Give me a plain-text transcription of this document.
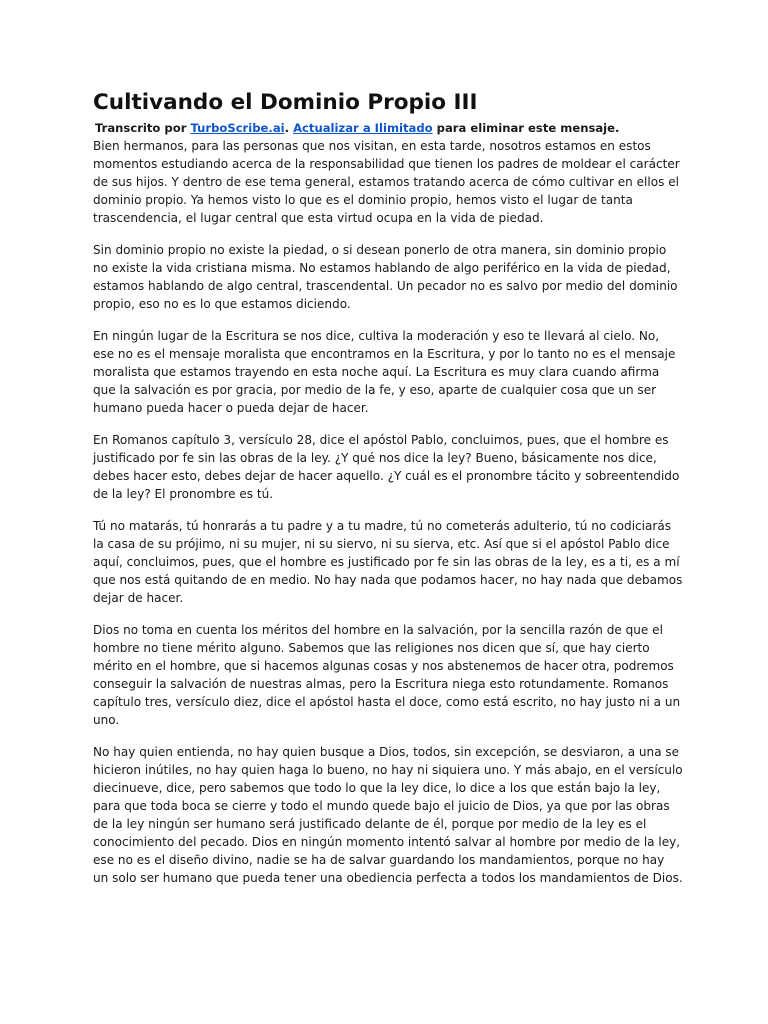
Cultivando el Dominio Propio III
Transcrito por TurboScribe.ai. Actualizar a Ilimitado para eliminar este mensaje.

Bien hermanos, para las personas que nos visitan, en esta tarde, nosotros estamos en estos momentos estudiando acerca de la responsabilidad que tienen los padres de moldear el carácter de sus hijos. Y dentro de ese tema general, estamos tratando acerca de cómo cultivar en ellos el dominio propio. Ya hemos visto lo que es el dominio propio, hemos visto el lugar de tanta trascendencia, el lugar central que esta virtud ocupa en la vida de piedad.

Sin dominio propio no existe la piedad, o si desean ponerlo de otra manera, sin dominio propio no existe la vida cristiana misma. No estamos hablando de algo periférico en la vida de piedad, estamos hablando de algo central, trascendental. Un pecador no es salvo por medio del dominio propio, eso no es lo que estamos diciendo.

En ningún lugar de la Escritura se nos dice, cultiva la moderación y eso te llevará al cielo. No, ese no es el mensaje moralista que encontramos en la Escritura, y por lo tanto no es el mensaje moralista que estamos trayendo en esta noche aquí. La Escritura es muy clara cuando afirma que la salvación es por gracia, por medio de la fe, y eso, aparte de cualquier cosa que un ser humano pueda hacer o pueda dejar de hacer.

En Romanos capítulo 3, versículo 28, dice el apóstol Pablo, concluimos, pues, que el hombre es justificado por fe sin las obras de la ley. ¿Y qué nos dice la ley? Bueno, básicamente nos dice, debes hacer esto, debes dejar de hacer aquello. ¿Y cuál es el pronombre tácito y sobreentendido de la ley? El pronombre es tú.

Tú no matarás, tú honrarás a tu padre y a tu madre, tú no cometerás adulterio, tú no codiciarás la casa de su prójimo, ni su mujer, ni su siervo, ni su sierva, etc. Así que si el apóstol Pablo dice aquí, concluimos, pues, que el hombre es justificado por fe sin las obras de la ley, es a ti, es a mí que nos está quitando de en medio. No hay nada que podamos hacer, no hay nada que debamos dejar de hacer.

Dios no toma en cuenta los méritos del hombre en la salvación, por la sencilla razón de que el hombre no tiene mérito alguno. Sabemos que las religiones nos dicen que sí, que hay cierto mérito en el hombre, que si hacemos algunas cosas y nos abstenemos de hacer otra, podremos conseguir la salvación de nuestras almas, pero la Escritura niega esto rotundamente. Romanos capítulo tres, versículo diez, dice el apóstol hasta el doce, como está escrito, no hay justo ni a un uno.

No hay quien entienda, no hay quien busque a Dios, todos, sin excepción, se desviaron, a una se hicieron inútiles, no hay quien haga lo bueno, no hay ni siquiera uno. Y más abajo, en el versículo diecinueve, dice, pero sabemos que todo lo que la ley dice, lo dice a los que están bajo la ley, para que toda boca se cierre y todo el mundo quede bajo el juicio de Dios, ya que por las obras de la ley ningún ser humano será justificado delante de él, porque por medio de la ley es el conocimiento del pecado. Dios en ningún momento intentó salvar al hombre por medio de la ley, ese no es el diseño divino, nadie se ha de salvar guardando los mandamientos, porque no hay un solo ser humano que pueda tener una obediencia perfecta a todos los mandamientos de Dios.
